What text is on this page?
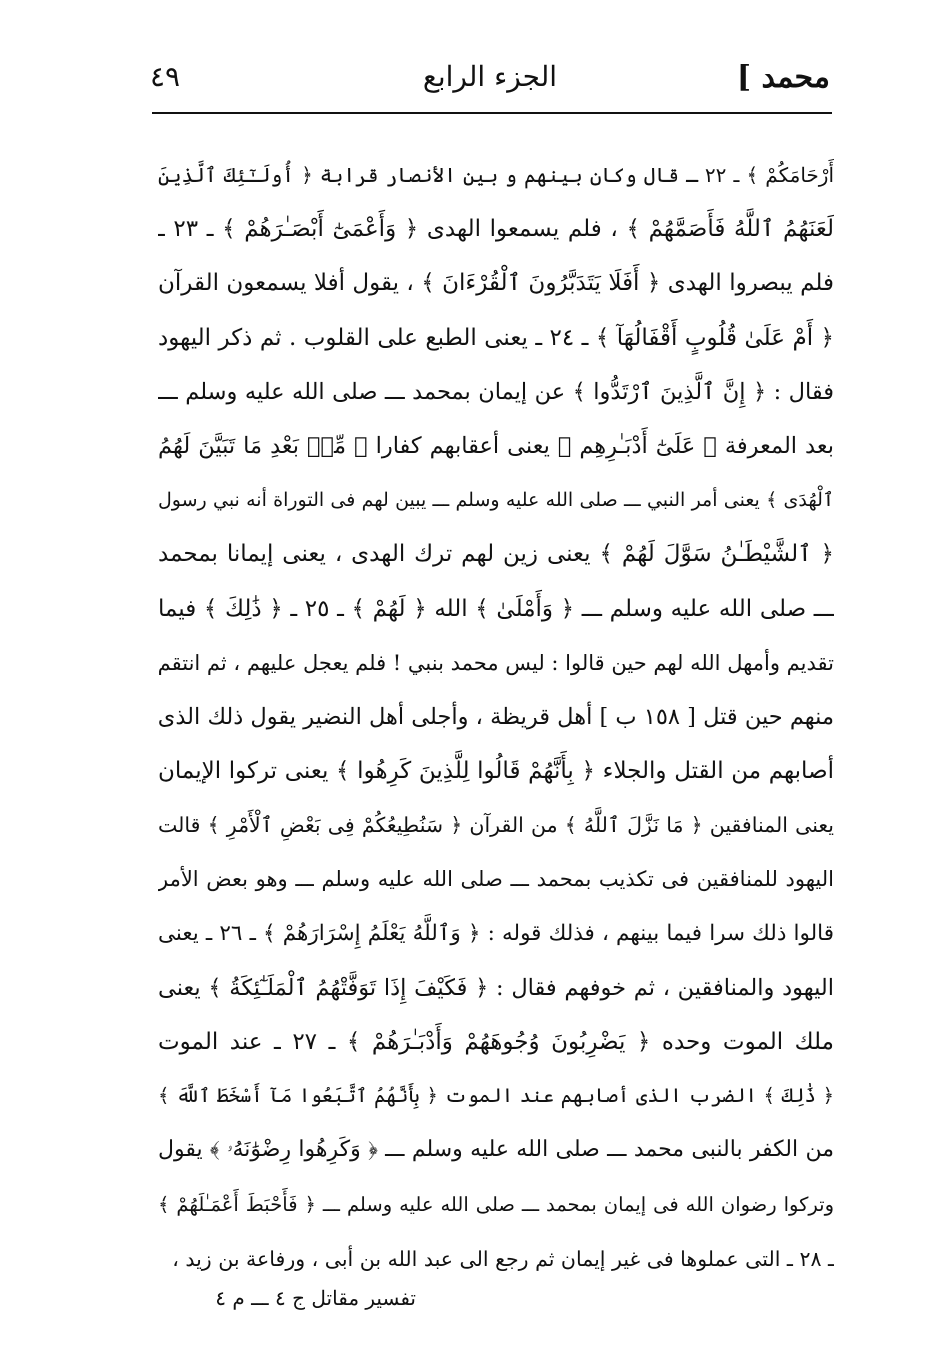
محمد ]
الجزء الرابع
٤٩
أَرْحَامَكُمْ ﴾ ـ ٢٢ ـ قال وكان بينهم و بين الأنصار قرابة ﴿ أُولَـٰٓئِكَ ٱلَّذِينَ
لَعَنَهُمُ ٱللَّهُ فَأَصَمَّهُمْ ﴾ ، فلم يسمعوا الهدى ﴿ وَأَعْمَىٰٓ أَبْصَـٰرَهُمْ ﴾ ـ ٢٣ ـ
فلم يبصروا الهدى ﴿ أَفَلَا يَتَدَبَّرُونَ ٱلْقُرْءَانَ ﴾ ، يقول أفلا يسمعون القرآن
﴿ أَمْ عَلَىٰ قُلُوبٍ أَقْفَالُهَآ ﴾ ـ ٢٤ ـ يعنى الطبع على القلوب . ثم ذكر اليهود
فقال : ﴿ إِنَّ ٱلَّذِينَ ٱرْتَدُّوا ﴾ عن إيمان بمحمد ـــ صلى الله عليه وسلم ـــ
بعد المعرفة ﴿ عَلَىٰٓ أَدْبَـٰرِهِم ﴾ يعنى أعقابهم كفارا ﴿ مِّنۢ بَعْدِ مَا تَبَيَّنَ لَهُمُ
ٱلْهُدَى ﴾ يعنى أمر النبي ـــ صلى الله عليه وسلم ـــ يبين لهم فى التوراة أنه نبي رسول
﴿ ٱلشَّيْطَـٰنُ سَوَّلَ لَهُمْ ﴾ يعنى زين لهم ترك الهدى ، يعنى إيمانا بمحمد
ـــ صلى الله عليه وسلم ـــ ﴿ وَأَمْلَىٰ ﴾ الله ﴿ لَهُمْ ﴾ ـ ٢٥ ـ ﴿ ذَٰلِكَ ﴾ فيما
تقديم وأمهل الله لهم حين قالوا : ليس محمد بنبي ! فلم يعجل عليهم ، ثم انتقم
منهم حين قتل [ ١٥٨ ب ] أهل قريظة ، وأجلى أهل النضير يقول ذلك الذى
أصابهم من القتل والجلاء ﴿ بِأَنَّهُمْ قَالُوا لِلَّذِينَ كَرِهُوا ﴾ يعنى تركوا الإيمان
يعنى المنافقين ﴿ مَا نَزَّلَ ٱللَّهُ ﴾ من القرآن ﴿ سَنُطِيعُكُمْ فِى بَعْضِ ٱلْأَمْرِ ﴾ قالت
اليهود للمنافقين فى تكذيب بمحمد ـــ صلى الله عليه وسلم ـــ وهو بعض الأمر
قالوا ذلك سرا فيما بينهم ، فذلك قوله : ﴿ وَٱللَّهُ يَعْلَمُ إِسْرَارَهُمْ ﴾ ـ ٢٦ ـ يعنى
اليهود والمنافقين ، ثم خوفهم فقال : ﴿ فَكَيْفَ إِذَا تَوَفَّتْهُمُ ٱلْمَلَـٰٓئِكَةُ ﴾ يعنى
ملك الموت وحده ﴿ يَضْرِبُونَ وُجُوهَهُمْ وَأَدْبَـٰرَهُمْ ﴾ ـ ٢٧ ـ عند الموت
﴿ ذَٰلِكَ ﴾ الضرب الذى أصابهم عند الموت ﴿ بِأَنَّهُمُ ٱتَّبَعُوا مَآ أَسْخَطَ ٱللَّهَ ﴾
من الكفر بالنبى محمد ـــ صلى الله عليه وسلم ـــ ﴿ وَكَرِهُوا رِضْوَٰنَهُۥ ﴾ يقول
وتركوا رضوان الله فى إيمان بمحمد ـــ صلى الله عليه وسلم ـــ ﴿ فَأَحْبَطَ أَعْمَـٰلَهُمْ ﴾
ـ ٢٨ ـ التى عملوها فى غير إيمان ثم رجع الى عبد الله بن أبى ، ورفاعة بن زيد ،
تفسير مقاتل ج ٤ ـــ م ٤
